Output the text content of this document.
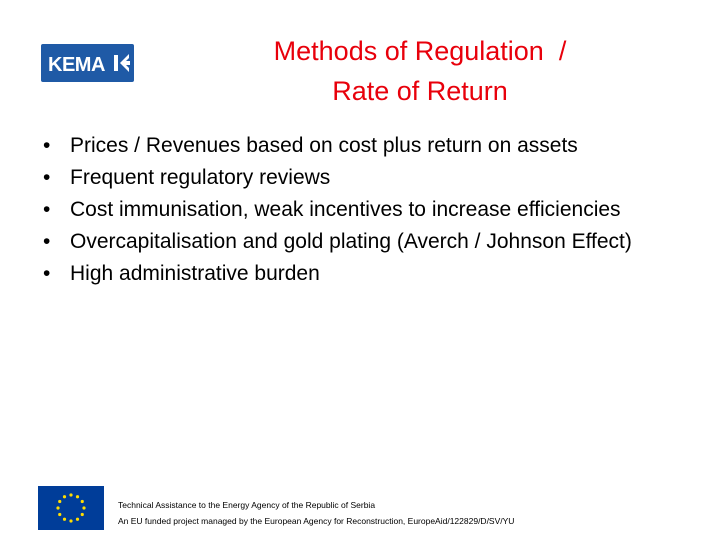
KEMA	Methods of Regulation  /
Rate of Return
• Prices / Revenues based on cost plus return on assets
• Frequent regulatory reviews
• Cost immunisation, weak incentives to increase efficiencies
• Overcapitalisation and gold plating (Averch / Johnson Effect)
• High administrative burden
Technical Assistance to the Energy Agency of the Republic of Serbia
An EU funded project managed by the European Agency for Reconstruction, EuropeAid/122829/D/SV/YU
